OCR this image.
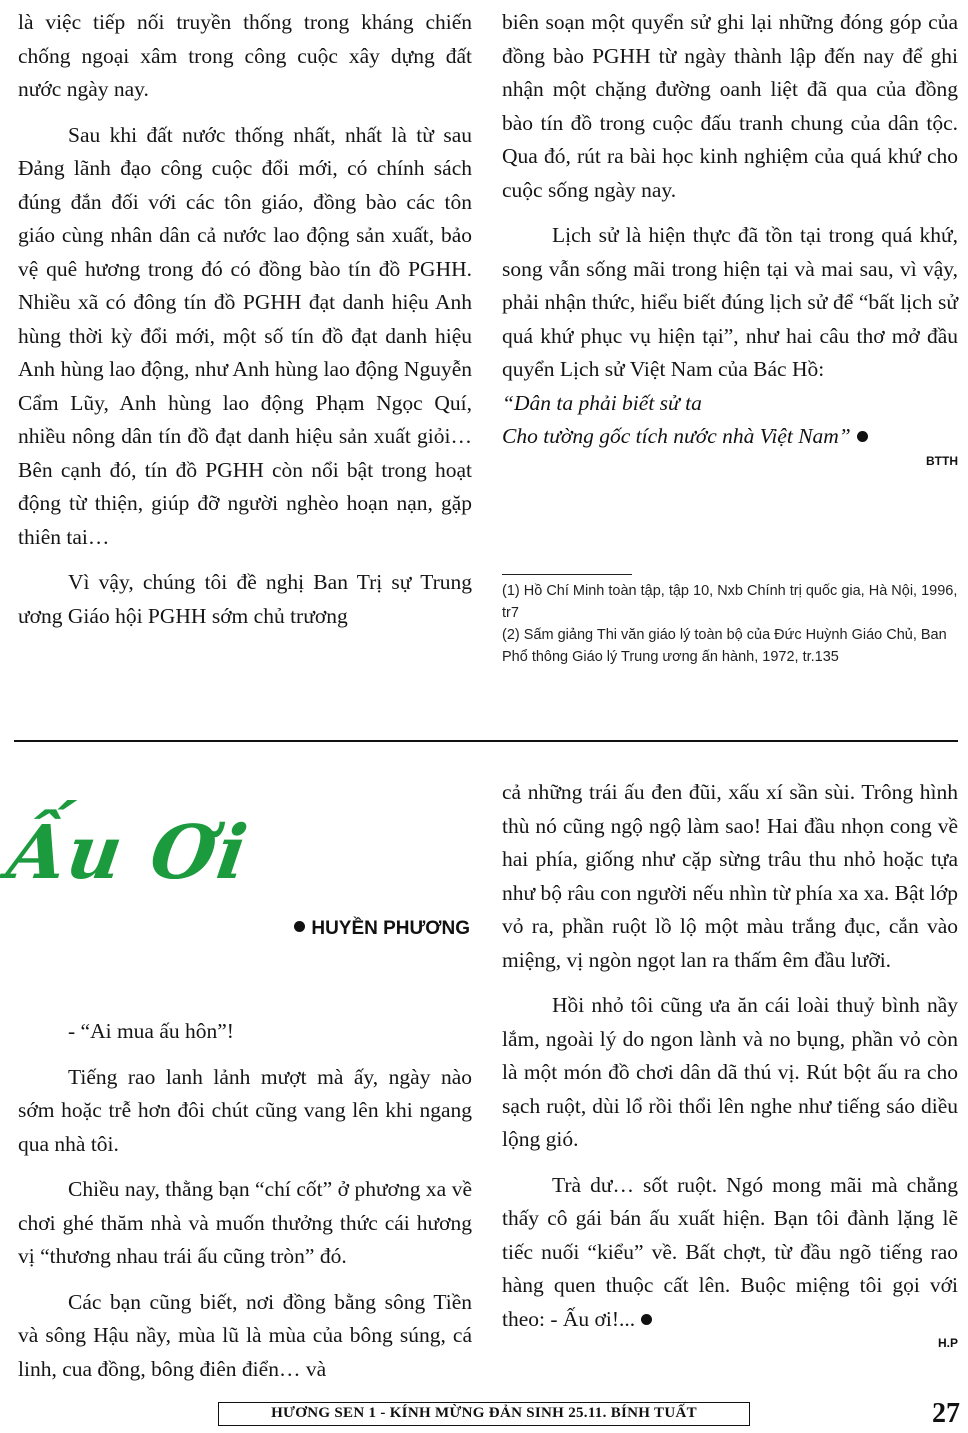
là việc tiếp nối truyền thống trong kháng chiến chống ngoại xâm trong công cuộc xây dựng đất nước ngày nay.

Sau khi đất nước thống nhất, nhất là từ sau Đảng lãnh đạo công cuộc đổi mới, có chính sách đúng đắn đối với các tôn giáo, đồng bào các tôn giáo cùng nhân dân cả nước lao động sản xuất, bảo vệ quê hương trong đó có đồng bào tín đồ PGHH. Nhiều xã có đông tín đồ PGHH đạt danh hiệu Anh hùng thời kỳ đổi mới, một số tín đồ đạt danh hiệu Anh hùng lao động, như Anh hùng lao động Nguyễn Cẩm Lũy, Anh hùng lao động Phạm Ngọc Quí, nhiều nông dân tín đồ đạt danh hiệu sản xuất giỏi… Bên cạnh đó, tín đồ PGHH còn nổi bật trong hoạt động từ thiện, giúp đỡ người nghèo hoạn nạn, gặp thiên tai…

Vì vậy, chúng tôi đề nghị Ban Trị sự Trung ương Giáo hội PGHH sớm chủ trương

biên soạn một quyển sử ghi lại những đóng góp của đồng bào PGHH từ ngày thành lập đến nay để ghi nhận một chặng đường oanh liệt đã qua của đồng bào tín đồ trong cuộc đấu tranh chung của dân tộc. Qua đó, rút ra bài học kinh nghiệm của quá khứ cho cuộc sống ngày nay.

Lịch sử là hiện thực đã tồn tại trong quá khứ, song vẫn sống mãi trong hiện tại và mai sau, vì vậy, phải nhận thức, hiểu biết đúng lịch sử để “bất lịch sử quá khứ phục vụ hiện tại”, như hai câu thơ mở đầu quyển Lịch sử Việt Nam của Bác Hồ:

“Dân ta phải biết sử ta

Cho tường gốc tích nước nhà Việt Nam”

BTTH

(1) Hồ Chí Minh toàn tập, tập 10, Nxb Chính trị quốc gia, Hà Nội, 1996, tr7

(2) Sấm giảng Thi văn giáo lý toàn bộ của Đức Huỳnh Giáo Chủ, Ban Phổ thông Giáo lý Trung ương ấn hành, 1972, tr.135

Ấu Ơi
HUYỀN PHƯƠNG

- “Ai mua ấu hôn”!

Tiếng rao lanh lảnh mượt mà ấy, ngày nào sớm hoặc trễ hơn đôi chút cũng vang lên khi ngang qua nhà tôi.

Chiều nay, thằng bạn “chí cốt” ở phương xa về chơi ghé thăm nhà và muốn thưởng thức cái hương vị “thương nhau trái ấu cũng tròn” đó.

Các bạn cũng biết, nơi đồng bằng sông Tiền và sông Hậu nầy, mùa lũ là mùa của bông súng, cá linh, cua đồng, bông điên điển… và

cả những trái ấu đen đũi, xấu xí sần sùi. Trông hình thù nó cũng ngộ ngộ làm sao! Hai đầu nhọn cong về hai phía, giống như cặp sừng trâu thu nhỏ hoặc tựa như bộ râu con người nếu nhìn từ phía xa xa. Bật lớp vỏ ra, phần ruột lồ lộ một màu trắng đục, cắn vào miệng, vị ngòn ngọt lan ra thấm êm đầu lưỡi.

Hồi nhỏ tôi cũng ưa ăn cái loài thuỷ bình nầy lắm, ngoài lý do ngon lành và no bụng, phần vỏ còn là một món đồ chơi dân dã thú vị. Rút bột ấu ra cho sạch ruột, dùi lổ rồi thổi lên nghe như tiếng sáo diều lộng gió.

Trà dư… sốt ruột. Ngó mong mãi mà chẳng thấy cô gái bán ấu xuất hiện. Bạn tôi đành lặng lẽ tiếc nuối “kiểu” về. Bất chợt, từ đầu ngõ tiếng rao hàng quen thuộc cất lên. Buộc miệng tôi gọi với theo: - Ấu ơi!...

H.P

HƯƠNG SEN 1 - KÍNH MỪNG ĐẢN SINH 25.11. BÍNH TUẤT	27
